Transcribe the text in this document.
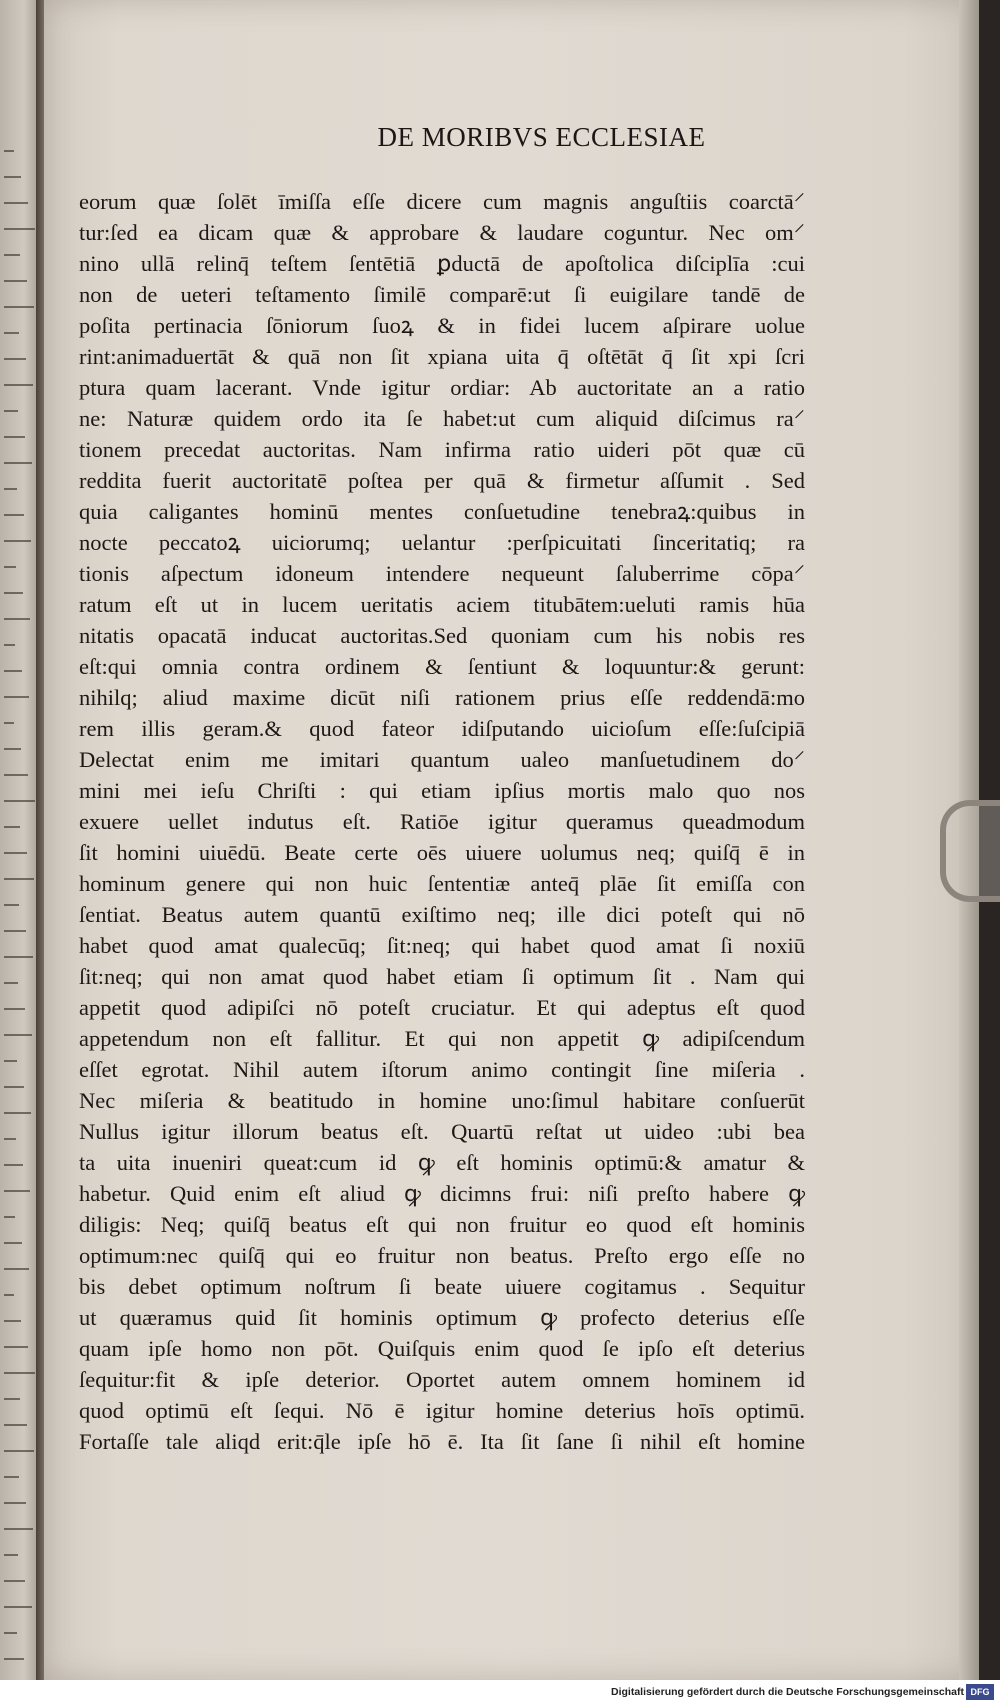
DE MORIBVS ECCLESIAE
eorum quæ ſolēt īmiſſa eſſe dicere cum magnis anguſtiis coarctā⸍
tur:ſed ea dicam quæ & approbare & laudare coguntur. Nec om⸍
nino ullā relinq̄ teſtem ſentētiā ꝑductā de apoſtolica diſciplīa :cui
non de ueteri teſtamento ſimilē comparē:ut ſi euigilare tandē de
poſita pertinacia ſōniorum ſuoꝝ & in fidei lucem aſpirare uolue
rint:animaduertāt & quā non ſit xpiana uita q̄ oſtētāt q̄ ſit xpi ſcri
ptura quam lacerant. Vnde igitur ordiar: Ab auctoritate an a ratio
ne: Naturæ quidem ordo ita ſe habet:ut cum aliquid diſcimus ra⸍
tionem precedat auctoritas. Nam infirma ratio uideri pōt quæ cū
reddita fuerit auctoritatē poſtea per quā & firmetur aſſumit . Sed
quia caligantes hominū mentes conſuetudine tenebraꝝ:quibus in
nocte peccatoꝝ uiciorumq; uelantur :perſpicuitati ſinceritatiq; ra
tionis aſpectum idoneum intendere nequeunt ſaluberrime cōpa⸍
ratum eſt ut in lucem ueritatis aciem titubātem:ueluti ramis hūa
nitatis opacatā inducat auctoritas.Sed quoniam cum his nobis res
eſt:qui omnia contra ordinem & ſentiunt & loquuntur:& gerunt:
nihilq; aliud maxime dicūt niſi rationem prius eſſe reddendā:mo
rem illis geram.& quod fateor idiſputando uicioſum eſſe:ſuſcipiā
Delectat enim me imitari quantum ualeo manſuetudinem do⸍
mini mei ieſu Chriſti : qui etiam ipſius mortis malo quo nos
exuere uellet indutus eſt. Ratiōe igitur queramus queadmodum
ſit homini uiuēdū. Beate certe oēs uiuere uolumus neq; quiſq̄ ē in
hominum genere qui non huic ſententiæ anteq̄ plāe ſit emiſſa con
ſentiat. Beatus autem quantū exiſtimo neq; ille dici poteſt qui nō
habet quod amat qualecūq; ſit:neq; qui habet quod amat ſi noxiū
ſit:neq; qui non amat quod habet etiam ſi optimum ſit . Nam qui
appetit quod adipiſci nō poteſt cruciatur. Et qui adeptus eſt quod
appetendum non eſt fallitur. Et qui non appetit ꝙ adipiſcendum
eſſet egrotat. Nihil autem iſtorum animo contingit ſine miſeria .
Nec miſeria & beatitudo in homine uno:ſimul habitare conſuerūt
Nullus igitur illorum beatus eſt. Quartū reſtat ut uideo :ubi bea
ta uita inueniri queat:cum id ꝙ eſt hominis optimū:& amatur &
habetur. Quid enim eſt aliud ꝙ dicimns frui: niſi preſto habere ꝙ
diligis: Neq; quiſq̄ beatus eſt qui non fruitur eo quod eſt hominis
optimum:nec quiſq̄ qui eo fruitur non beatus. Preſto ergo eſſe no
bis debet optimum noſtrum ſi beate uiuere cogitamus . Sequitur
ut quæramus quid ſit hominis optimum ꝙ profecto deterius eſſe
quam ipſe homo non pōt. Quiſquis enim quod ſe ipſo eſt deterius
ſequitur:fit & ipſe deterior. Oportet autem omnem hominem id
quod optimū eſt ſequi. Nō ē igitur homine deterius hoīs optimū.
Fortaſſe tale aliqd erit:q̄le ipſe hō ē. Ita ſit ſane ſi nihil eſt homine
Digitalisierung gefördert durch die Deutsche Forschungsgemeinschaft DFG
